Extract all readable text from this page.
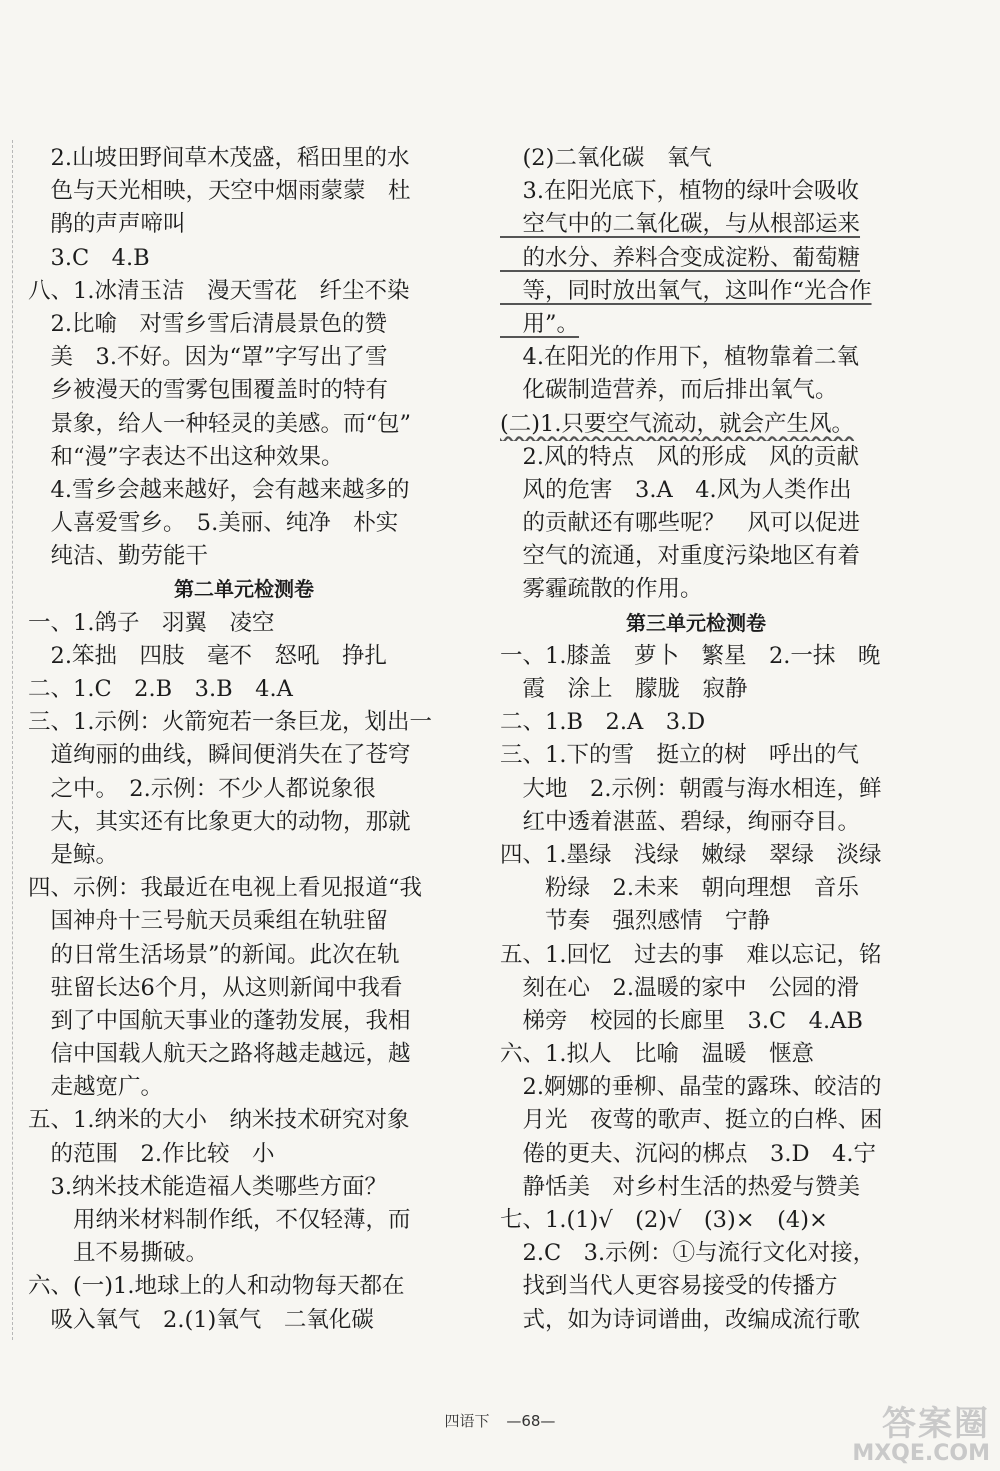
　2.山坡田野间草木茂盛，稻田里的水
　色与天光相映，天空中烟雨蒙蒙　杜
　鹃的声声啼叫
　3.C　4.B
八、1.冰清玉洁　漫天雪花　纤尘不染
　2.比喻　对雪乡雪后清晨景色的赞
　美　3.不好。因为“罩”字写出了雪
　乡被漫天的雪雾包围覆盖时的特有
　景象，给人一种轻灵的美感。而“包”
　和“漫”字表达不出这种效果。
　4.雪乡会越来越好，会有越来越多的
　人喜爱雪乡。　5.美丽、纯净　朴实
　纯洁、勤劳能干
第二单元检测卷
一、1.鸽子　羽翼　凌空
　2.笨拙　四肢　毫不　怒吼　挣扎
二、1.C　2.B　3.B　4.A
三、1.示例：火箭宛若一条巨龙，划出一
　道绚丽的曲线，瞬间便消失在了苍穹
　之中。　2.示例：不少人都说象很
　大，其实还有比象更大的动物，那就
　是鲸。
四、示例：我最近在电视上看见报道“我
　国神舟十三号航天员乘组在轨驻留
　的日常生活场景”的新闻。此次在轨
　驻留长达6个月，从这则新闻中我看
　到了中国航天事业的蓬勃发展，我相
　信中国载人航天之路将越走越远，越
　走越宽广。
五、1.纳米的大小　纳米技术研究对象
　的范围　2.作比较　小
　3.纳米技术能造福人类哪些方面？
　　用纳米材料制作纸，不仅轻薄，而
　　且不易撕破。
六、(一)1.地球上的人和动物每天都在
　吸入氧气　2.(1)氧气　二氧化碳
　(2)二氧化碳　氧气
　3.在阳光底下，植物的绿叶会吸收
　空气中的二氧化碳，与从根部运来
　的水分、养料合变成淀粉、葡萄糖
　等，同时放出氧气，这叫作“光合作
　用”。
　4.在阳光的作用下，植物靠着二氧
　化碳制造营养，而后排出氧气。
(二)1.只要空气流动，就会产生风。
　2.风的特点　风的形成　风的贡献
　风的危害　3.A　4.风为人类作出
　的贡献还有哪些呢？　风可以促进
　空气的流通，对重度污染地区有着
　雾霾疏散的作用。
第三单元检测卷
一、1.膝盖　萝卜　繁星　2.一抹　晚
　霞　涂上　朦胧　寂静
二、1.B　2.A　3.D
三、1.下的雪　挺立的树　呼出的气
　大地　2.示例：朝霞与海水相连，鲜
　红中透着湛蓝、碧绿，绚丽夺目。
四、1.墨绿　浅绿　嫩绿　翠绿　淡绿
　　粉绿　2.未来　朝向理想　音乐
　　节奏　强烈感情　宁静
五、1.回忆　过去的事　难以忘记，铭
　刻在心　2.温暖的家中　公园的滑
　梯旁　校园的长廊里　3.C　4.AB
六、1.拟人　比喻　温暖　惬意
　2.婀娜的垂柳、晶莹的露珠、皎洁的
　月光　夜莺的歌声、挺立的白桦、困
　倦的更夫、沉闷的梆点　3.D　4.宁
　静恬美　对乡村生活的热爱与赞美
七、1.(1)√　(2)√　(3)×　(4)×
　2.C　3.示例：①与流行文化对接，
　找到当代人更容易接受的传播方
　式，如为诗词谱曲，改编成流行歌
四语下 —68—	答案圈
MXQE.COM
